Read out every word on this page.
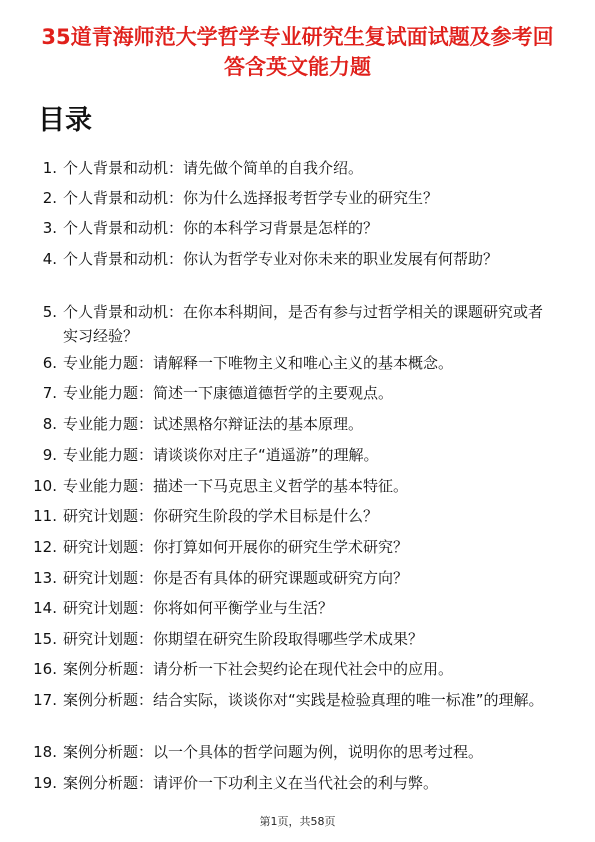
35道青海师范大学哲学专业研究生复试面试题及参考回答含英文能力题
目录
1. 个人背景和动机：请先做个简单的自我介绍。
2. 个人背景和动机：你为什么选择报考哲学专业的研究生？
3. 个人背景和动机：你的本科学习背景是怎样的？
4. 个人背景和动机：你认为哲学专业对你未来的职业发展有何帮助？
5. 个人背景和动机：在你本科期间，是否有参与过哲学相关的课题研究或者实习经验？
6. 专业能力题：请解释一下唯物主义和唯心主义的基本概念。
7. 专业能力题：简述一下康德道德哲学的主要观点。
8. 专业能力题：试述黑格尔辩证法的基本原理。
9. 专业能力题：请谈谈你对庄子“逍遥游”的理解。
10. 专业能力题：描述一下马克思主义哲学的基本特征。
11. 研究计划题：你研究生阶段的学术目标是什么？
12. 研究计划题：你打算如何开展你的研究生学术研究？
13. 研究计划题：你是否有具体的研究课题或研究方向？
14. 研究计划题：你将如何平衡学业与生活？
15. 研究计划题：你期望在研究生阶段取得哪些学术成果？
16. 案例分析题：请分析一下社会契约论在现代社会中的应用。
17. 案例分析题：结合实际，谈谈你对“实践是检验真理的唯一标准”的理解。
18. 案例分析题：以一个具体的哲学问题为例，说明你的思考过程。
19. 案例分析题：请评价一下功利主义在当代社会的利与弊。
第1页，共58页
